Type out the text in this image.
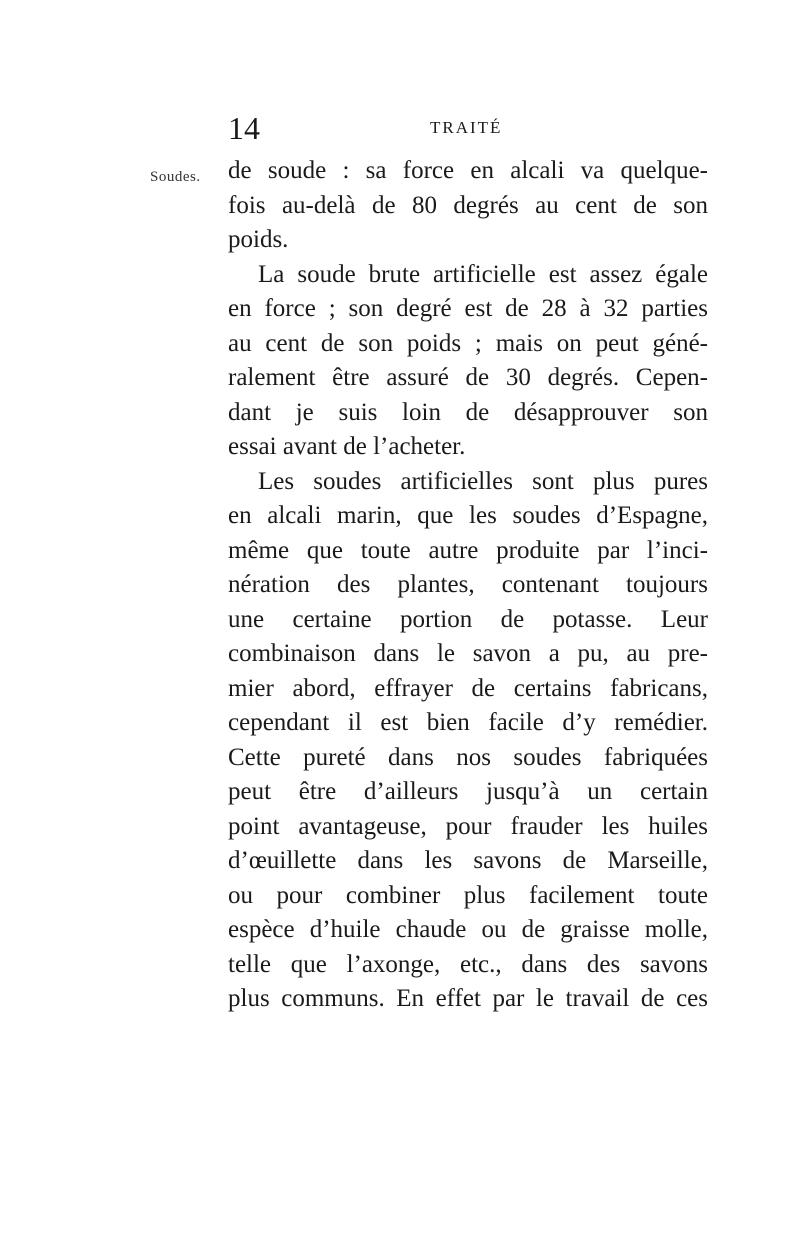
14	TRAITÉ
Soudes. de soude : sa force en alcali va quelque-
fois au-delà de 80 degrés au cent de son
poids.
La soude brute artificielle est assez égale
en force ; son degré est de 28 à 32 parties
au cent de son poids ; mais on peut géné-
ralement être assuré de 30 degrés. Cepen-
dant je suis loin de désapprouver son
essai avant de l’acheter.
Les soudes artificielles sont plus pures
en alcali marin, que les soudes d’Espagne,
même que toute autre produite par l’inci-
nération des plantes, contenant toujours
une certaine portion de potasse. Leur
combinaison dans le savon a pu, au pre-
mier abord, effrayer de certains fabricans,
cependant il est bien facile d’y remédier.
Cette pureté dans nos soudes fabriquées
peut être d’ailleurs jusqu’à un certain
point avantageuse, pour frauder les huiles
d’œuillette dans les savons de Marseille,
ou pour combiner plus facilement toute
espèce d’huile chaude ou de graisse molle,
telle que l’axonge, etc., dans des savons
plus communs. En effet par le travail de ces
